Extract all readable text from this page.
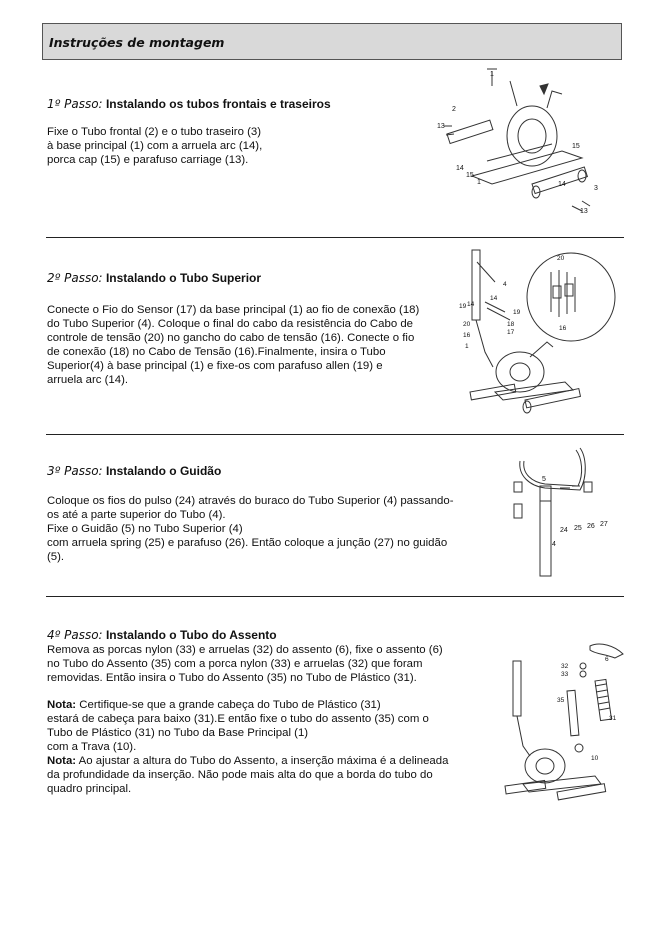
Instruções de montagem
1º Passo: Instalando os tubos frontais e traseiros

Fixe o Tubo frontal (2) e o tubo traseiro (3)

à base principal (1) com a arruela arc (14),

porca cap (15) e parafuso carriage (13).

1
2
13
14
15
15
14
3
13
1
2º Passo: Instalando o Tubo Superior

Conecte o Fio do Sensor (17) da base principal (1) ao fio de conexão (18)

do Tubo Superior (4). Coloque o final do cabo da resistência do Cabo de

controle de tensão (20) no gancho do cabo de tensão (16). Conecte o fio

de conexão (18) no Cabo de Tensão (16).Finalmente, insira o Tubo

Superior(4) à base principal (1) e fixe-os com parafuso allen (19) e

arruela arc (14).

4
19 14
14
19
20	18
16	17
1
20
16
3º Passo: Instalando o Guidão

Coloque os fios do pulso (24) através do buraco do Tubo Superior (4) passando-

os até a parte superior do Tubo (4).

Fixe o Guidão (5) no Tubo Superior (4)

com arruela spring (25) e parafuso (26). Então coloque a junção (27) no guidão

(5).

5
24 25 26 27
4
4º Passo: Instalando o Tubo do Assento

Remova as porcas nylon (33) e arruelas (32) do assento (6), fixe o assento (6)

no Tubo do Assento (35) com a porca nylon (33) e arruelas (32) que foram

removidas. Então insira o Tubo do Assento (35) no Tubo de Plástico (31).

Nota: Certifique-se que a grande cabeça do Tubo de Plástico (31)

estará de cabeça para baixo (31).E então fixe o tubo do assento (35) com o

Tubo de Plástico (31) no Tubo da Base Principal (1)

com a Trava (10).

Nota: Ao ajustar a altura do Tubo do Assento, a inserção máxima é a delineada

da profundidade da inserção. Não pode mais alta do que a borda do tubo do

quadro principal.

6
32
33
35
31
10
